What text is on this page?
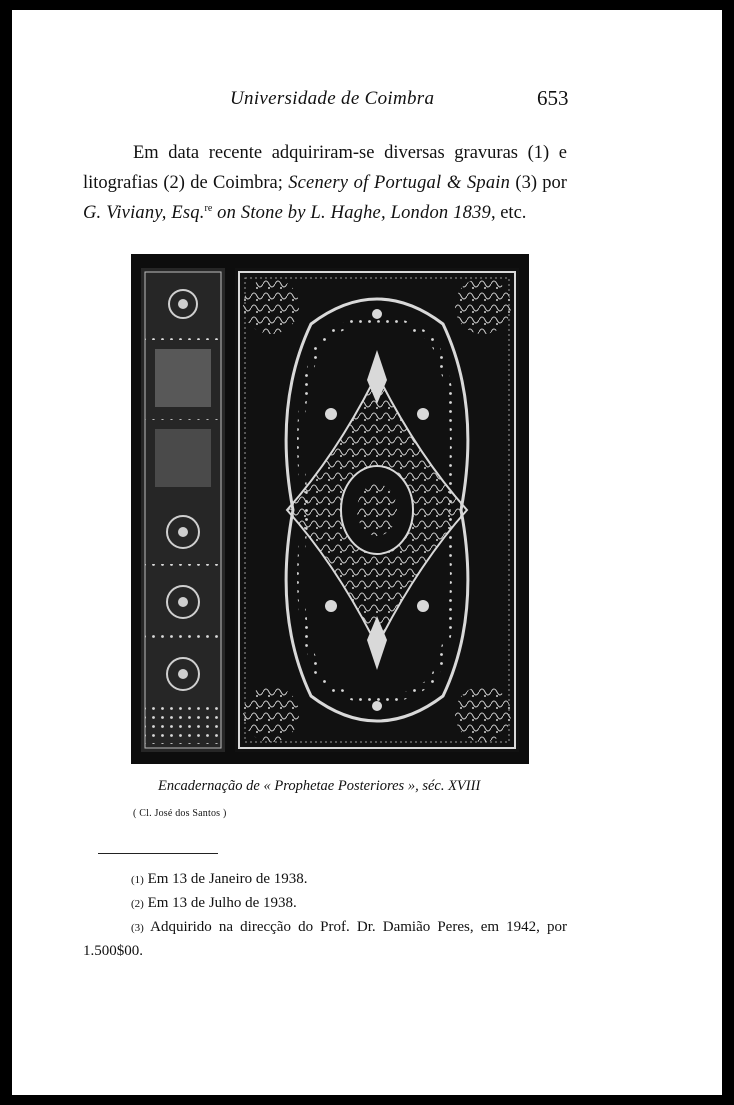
Universidade de Coimbra	653

Em data recente adquiriram-se diversas gravuras (1) e litografias (2) de Coimbra; Scenery of Portugal & Spain (3) por G. Viviany, Esq.$^{re}$ on Stone by L. Haghe, London 1839, etc.

Encadernação de « Prophetae Posteriores », séc. XVIII
( Cl. José dos Santos )

(1) Em 13 de Janeiro de 1938.

(2) Em 13 de Julho de 1938.

(3) Adquirido na direcção do Prof. Dr. Damião Peres, em 1942, por 1.500$00.
